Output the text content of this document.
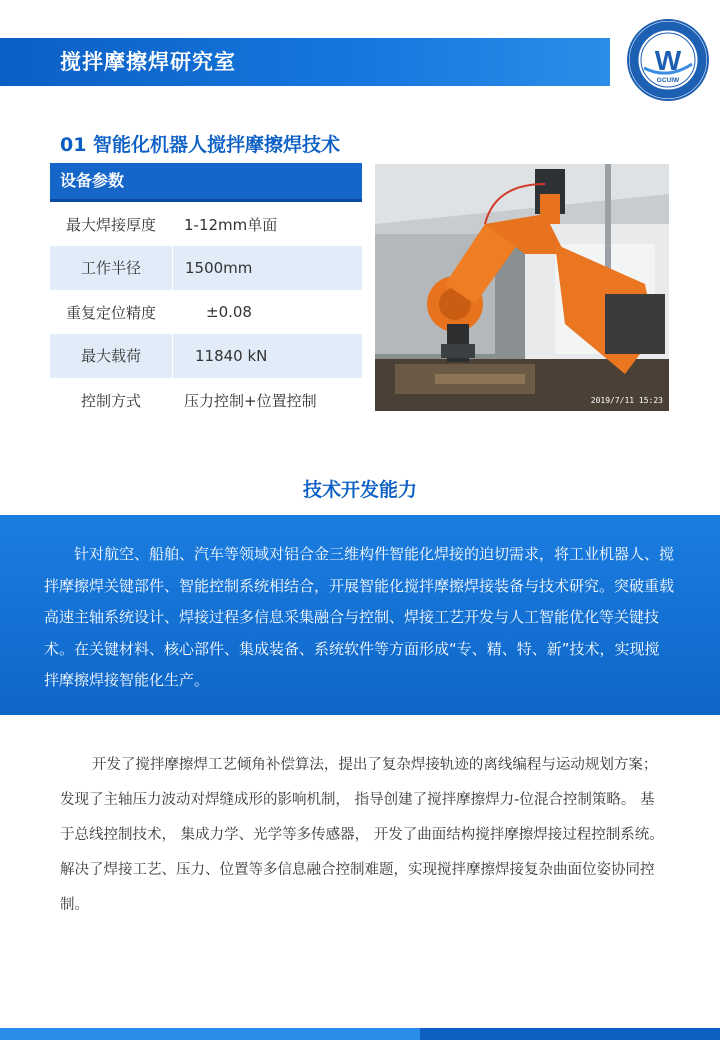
搅拌摩擦焊研究室	W
GCUIW
01 智能化机器人搅拌摩擦焊技术
设备参数
最大焊接厚度	1-12mm单面
工作半径	1500mm
重复定位精度	±0.08
最大载荷	11840 kN
控制方式	压力控制+位置控制	2019/7/11 15:23
技术开发能力

针对航空、船舶、汽车等领域对铝合金三维构件智能化焊接的迫切需求，将工业机器人、搅拌摩擦焊关键部件、智能控制系统相结合，开展智能化搅拌摩擦焊接装备与技术研究。突破重载高速主轴系统设计、焊接过程多信息采集融合与控制、焊接工艺开发与人工智能优化等关键技术。在关键材料、核心部件、集成装备、系统软件等方面形成“专、精、特、新”技术，实现搅拌摩擦焊接智能化生产。

开发了搅拌摩擦焊工艺倾角补偿算法，提出了复杂焊接轨迹的离线编程与运动规划方案； 发现了主轴压力波动对焊缝成形的影响机制， 指导创建了搅拌摩擦焊力-位混合控制策略。 基于总线控制技术， 集成力学、光学等多传感器， 开发了曲面结构搅拌摩擦焊接过程控制系统。 解决了焊接工艺、压力、位置等多信息融合控制难题，实现搅拌摩擦焊接复杂曲面位姿协同控制。
